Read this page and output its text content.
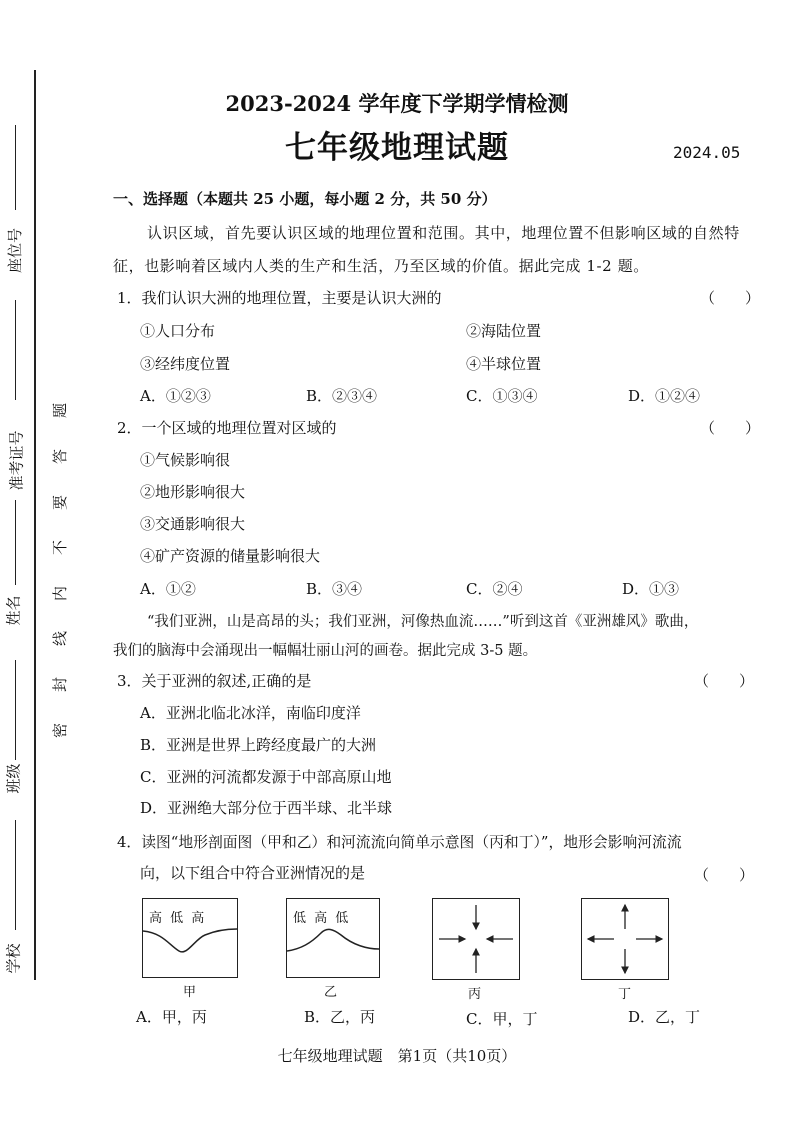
座位号
准考证号
姓名
班级
学校
题
答
要
不
内
线
封
密
2023-2024 学年度下学期学情检测
七年级地理试题	2024.05
一、选择题（本题共 25 小题，每小题 2 分，共 50 分）
认识区域，首先要认识区域的地理位置和范围。其中，地理位置不但影响区域的自然特
征，也影响着区域内人类的生产和生活，乃至区域的价值。据此完成 1-2 题。
1．我们认识大洲的地理位置，主要是认识大洲的	（　　）
①人口分布	②海陆位置
③经纬度位置	④半球位置
A．①②③	B．②③④	C．①③④	D．①②④
2．一个区域的地理位置对区域的	（　　）
①气候影响很
②地形影响很大
③交通影响很大
④矿产资源的储量影响很大
A．①②	B．③④	C．②④	D．①③
“我们亚洲，山是高昂的头；我们亚洲，河像热血流……”听到这首《亚洲雄风》歌曲，
我们的脑海中会涌现出一幅幅壮丽山河的画卷。据此完成 3-5 题。
3．关于亚洲的叙述,正确的是	（　　）
A．亚洲北临北冰洋，南临印度洋
B．亚洲是世界上跨经度最广的大洲
C．亚洲的河流都发源于中部高原山地
D．亚洲绝大部分位于西半球、北半球
4．读图“地形剖面图（甲和乙）和河流流向简单示意图（丙和丁）”，地形会影响河流流
向，以下组合中符合亚洲情况的是	（　　）
高 低 高
甲
低 高 低
乙	丙	丁
A．甲，丙	B．乙，丙	C．甲，丁	D．乙，丁
七年级地理试题　第1页（共10页）
